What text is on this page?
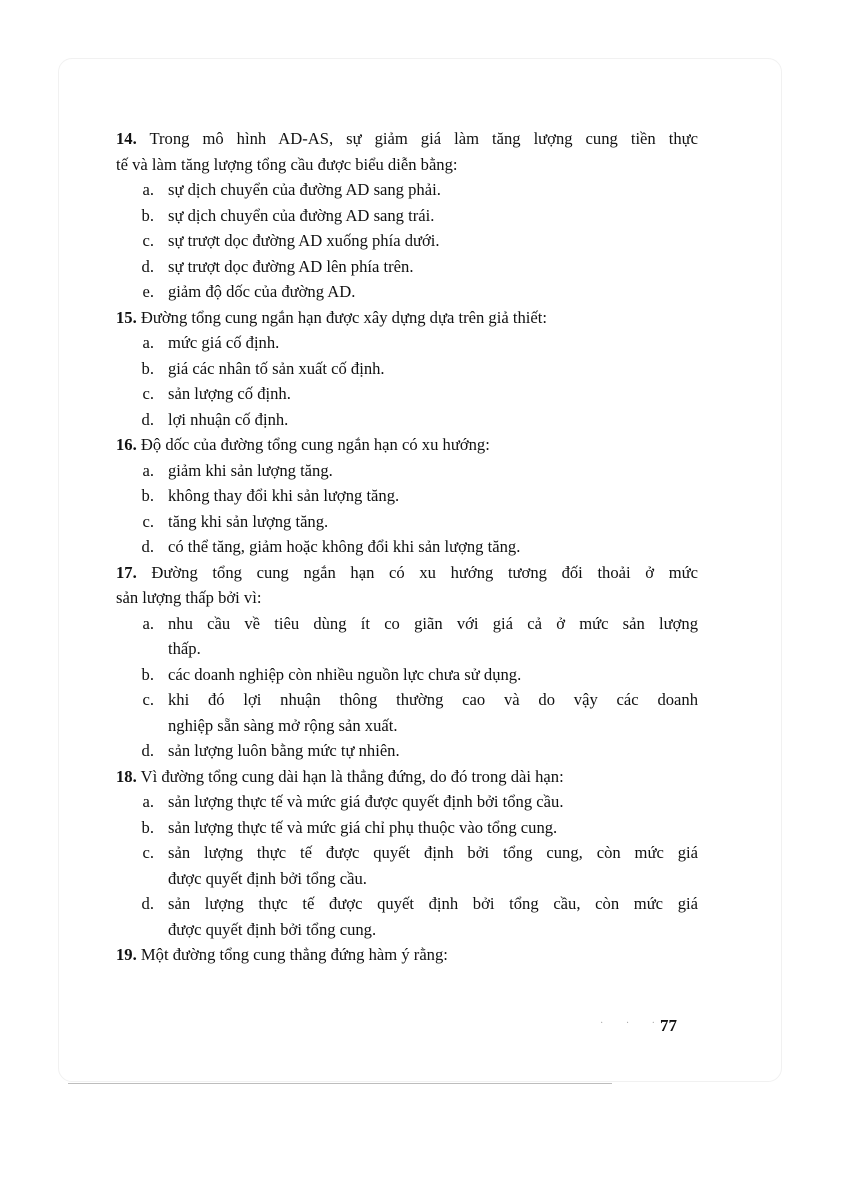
14. Trong mô hình AD-AS, sự giảm giá làm tăng lượng cung tiền thực
tế và làm tăng lượng tổng cầu được biểu diễn bằng:
a. sự dịch chuyển của đường AD sang phải.
b. sự dịch chuyển của đường AD sang trái.
c. sự trượt dọc đường AD xuống phía dưới.
d. sự trượt dọc đường AD lên phía trên.
e. giảm độ dốc của đường AD.
15. Đường tổng cung ngắn hạn được xây dựng dựa trên giả thiết:
a. mức giá cố định.
b. giá các nhân tố sản xuất cố định.
c. sản lượng cố định.
d. lợi nhuận cố định.
16. Độ dốc của đường tổng cung ngắn hạn có xu hướng:
a. giảm khi sản lượng tăng.
b. không thay đổi khi sản lượng tăng.
c. tăng khi sản lượng tăng.
d. có thể tăng, giảm hoặc không đổi khi sản lượng tăng.
17. Đường tổng cung ngắn hạn có xu hướng tương đối thoải ở mức
sản lượng thấp bởi vì:
a. nhu cầu về tiêu dùng ít co giãn với giá cả ở mức sản lượng
thấp.
b. các doanh nghiệp còn nhiều nguồn lực chưa sử dụng.
c. khi đó lợi nhuận thông thường cao và do vậy các doanh
nghiệp sẵn sàng mở rộng sản xuất.
d. sản lượng luôn bằng mức tự nhiên.
18. Vì đường tổng cung dài hạn là thẳng đứng, do đó trong dài hạn:
a. sản lượng thực tế và mức giá được quyết định bởi tổng cầu.
b. sản lượng thực tế và mức giá chỉ phụ thuộc vào tổng cung.
c. sản lượng thực tế được quyết định bởi tổng cung, còn mức giá
được quyết định bởi tổng cầu.
d. sản lượng thực tế được quyết định bởi tổng cầu, còn mức giá
được quyết định bởi tổng cung.
19. Một đường tổng cung thẳng đứng hàm ý rằng:
· · ·
77
